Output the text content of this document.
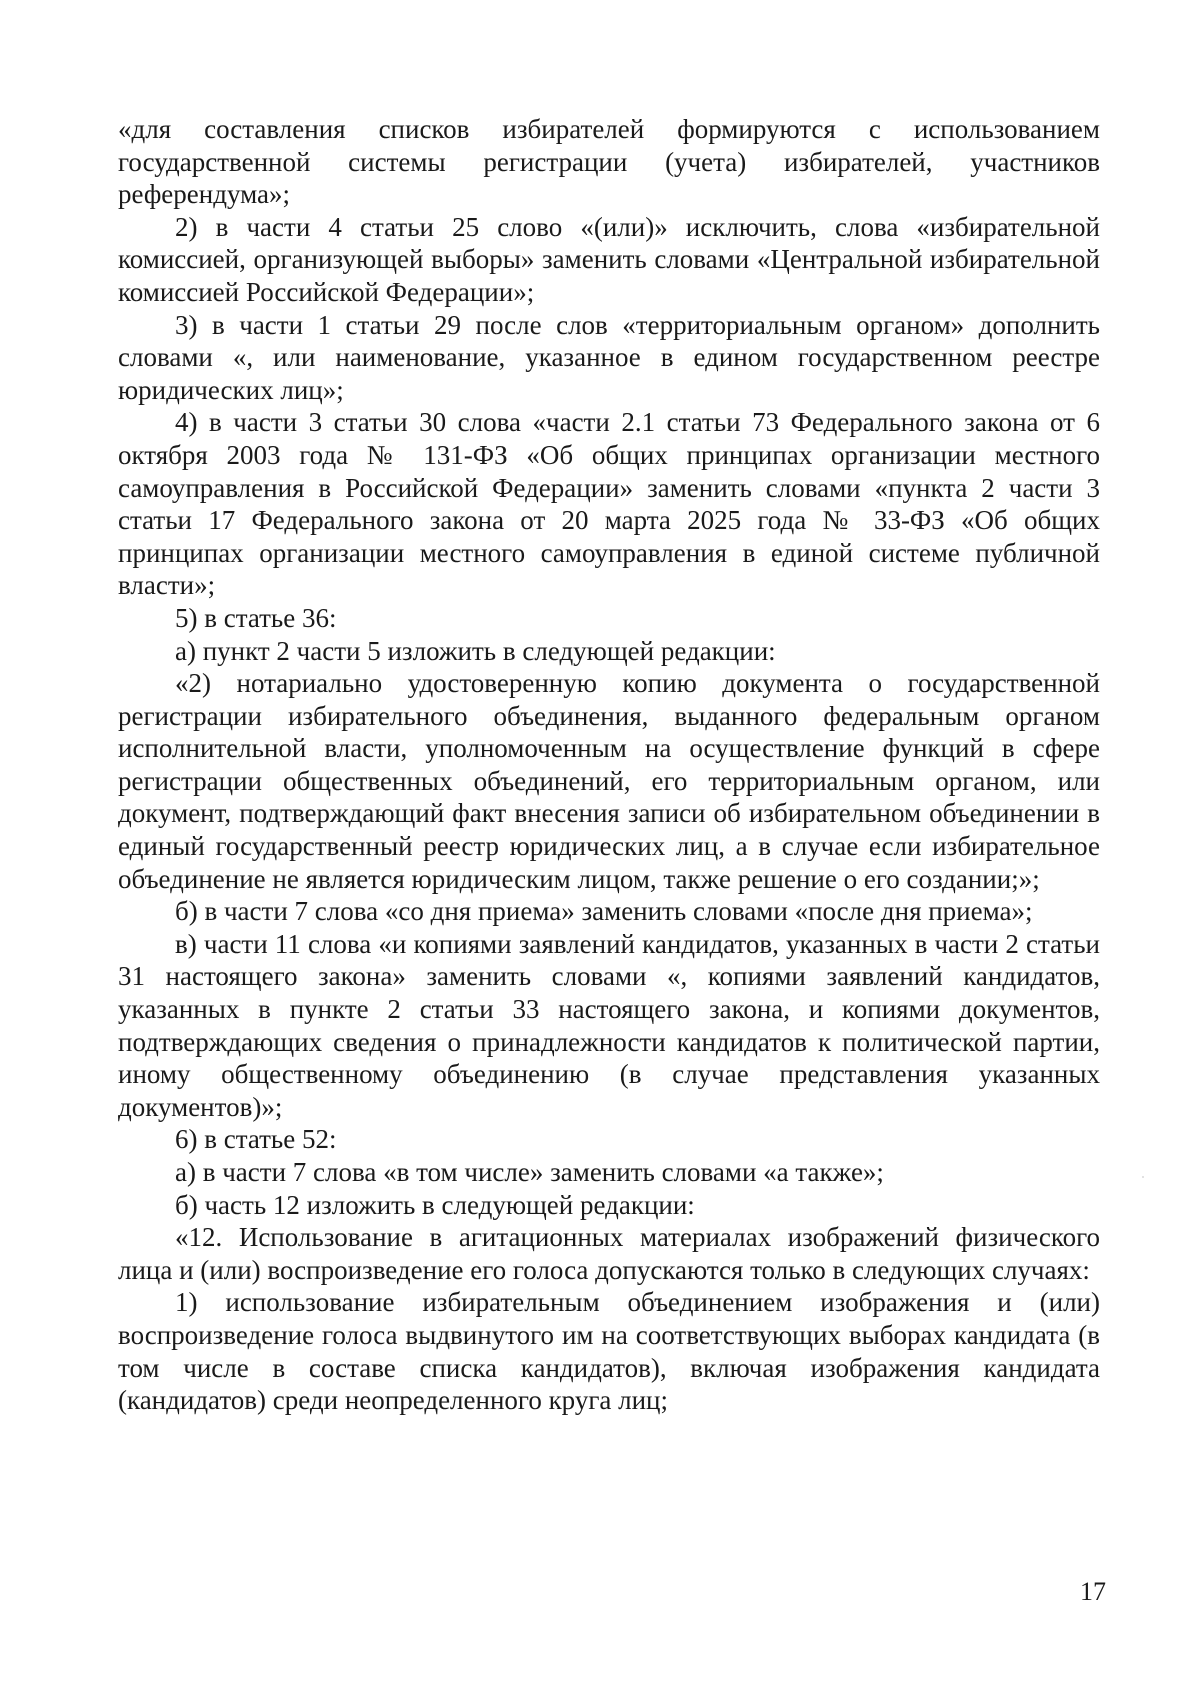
«для составления списков избирателей формируются с использованием государственной системы регистрации (учета) избирателей, участников референдума»;

2) в части 4 статьи 25 слово «(или)» исключить, слова «избирательной комиссией, организующей выборы» заменить словами «Центральной избирательной комиссией Российской Федерации»;

3) в части 1 статьи 29 после слов «территориальным органом» дополнить словами «, или наименование, указанное в едином государственном реестре юридических лиц»;

4) в части 3 статьи 30 слова «части 2.1 статьи 73 Федерального закона от 6 октября 2003 года № 131-ФЗ «Об общих принципах организации местного самоуправления в Российской Федерации» заменить словами «пункта 2 части 3 статьи 17 Федерального закона от 20 марта 2025 года № 33-ФЗ «Об общих принципах организации местного самоуправления в единой системе публичной власти»;

5) в статье 36:

а) пункт 2 части 5 изложить в следующей редакции:

«2) нотариально удостоверенную копию документа о государственной регистрации избирательного объединения, выданного федеральным органом исполнительной власти, уполномоченным на осуществление функций в сфере регистрации общественных объединений, его территориальным органом, или документ, подтверждающий факт внесения записи об избирательном объединении в единый государственный реестр юридических лиц, а в случае если избирательное объединение не является юридическим лицом, также решение о его создании;»;

б) в части 7 слова «со дня приема» заменить словами «после дня приема»;

в) части 11 слова «и копиями заявлений кандидатов, указанных в части 2 статьи 31 настоящего закона» заменить словами «, копиями заявлений кандидатов, указанных в пункте 2 статьи 33 настоящего закона, и копиями документов, подтверждающих сведения о принадлежности кандидатов к политической партии, иному общественному объединению (в случае представления указанных документов)»;

6) в статье 52:

а) в части 7 слова «в том числе» заменить словами «а также»;

б) часть 12 изложить в следующей редакции:

«12. Использование в агитационных материалах изображений физического лица и (или) воспроизведение его голоса допускаются только в следующих случаях:

1) использование избирательным объединением изображения и (или) воспроизведение голоса выдвинутого им на соответствующих выборах кандидата (в том числе в составе списка кандидатов), включая изображения кандидата (кандидатов) среди неопределенного круга лиц;

17
